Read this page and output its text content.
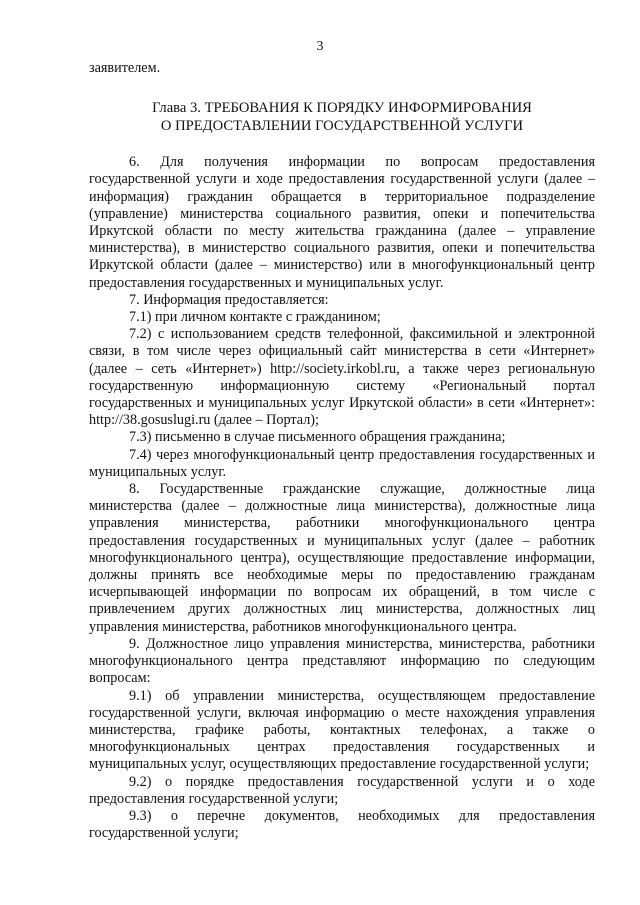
3

заявителем.

Глава 3. ТРЕБОВАНИЯ К ПОРЯДКУ ИНФОРМИРОВАНИЯ
О ПРЕДОСТАВЛЕНИИ ГОСУДАРСТВЕННОЙ УСЛУГИ

6. Для получения информации по вопросам предоставления государственной услуги и ходе предоставления государственной услуги (далее – информация) гражданин обращается в территориальное подразделение (управление) министерства социального развития, опеки и попечительства Иркутской области по месту жительства гражданина (далее – управление министерства), в министерство социального развития, опеки и попечительства Иркутской области (далее – министерство) или в многофункциональный центр предоставления государственных и муниципальных услуг.

7. Информация предоставляется:

7.1) при личном контакте с гражданином;

7.2) с использованием средств телефонной, факсимильной и электронной связи, в том числе через официальный сайт министерства в сети «Интернет» (далее – сеть «Интернет») http://society.irkobl.ru, а также через региональную государственную информационную систему «Региональный портал государственных и муниципальных услуг Иркутской области» в сети «Интернет»: http://38.gosuslugi.ru (далее – Портал);

7.3) письменно в случае письменного обращения гражданина;

7.4) через многофункциональный центр предоставления государственных и муниципальных услуг.

8. Государственные гражданские служащие, должностные лица министерства (далее – должностные лица министерства), должностные лица управления министерства, работники многофункционального центра предоставления государственных и муниципальных услуг (далее – работник многофункционального центра), осуществляющие предоставление информации, должны принять все необходимые меры по предоставлению гражданам исчерпывающей информации по вопросам их обращений, в том числе с привлечением других должностных лиц министерства, должностных лиц управления министерства, работников многофункционального центра.

9. Должностное лицо управления министерства, министерства, работники многофункционального центра представляют информацию по следующим вопросам:

9.1) об управлении министерства, осуществляющем предоставление государственной услуги, включая информацию о месте нахождения управления министерства, графике работы, контактных телефонах, а также о многофункциональных центрах предоставления государственных и муниципальных услуг, осуществляющих предоставление государственной услуги;

9.2) о порядке предоставления государственной услуги и о ходе предоставления государственной услуги;

9.3) о перечне документов, необходимых для предоставления государственной услуги;
